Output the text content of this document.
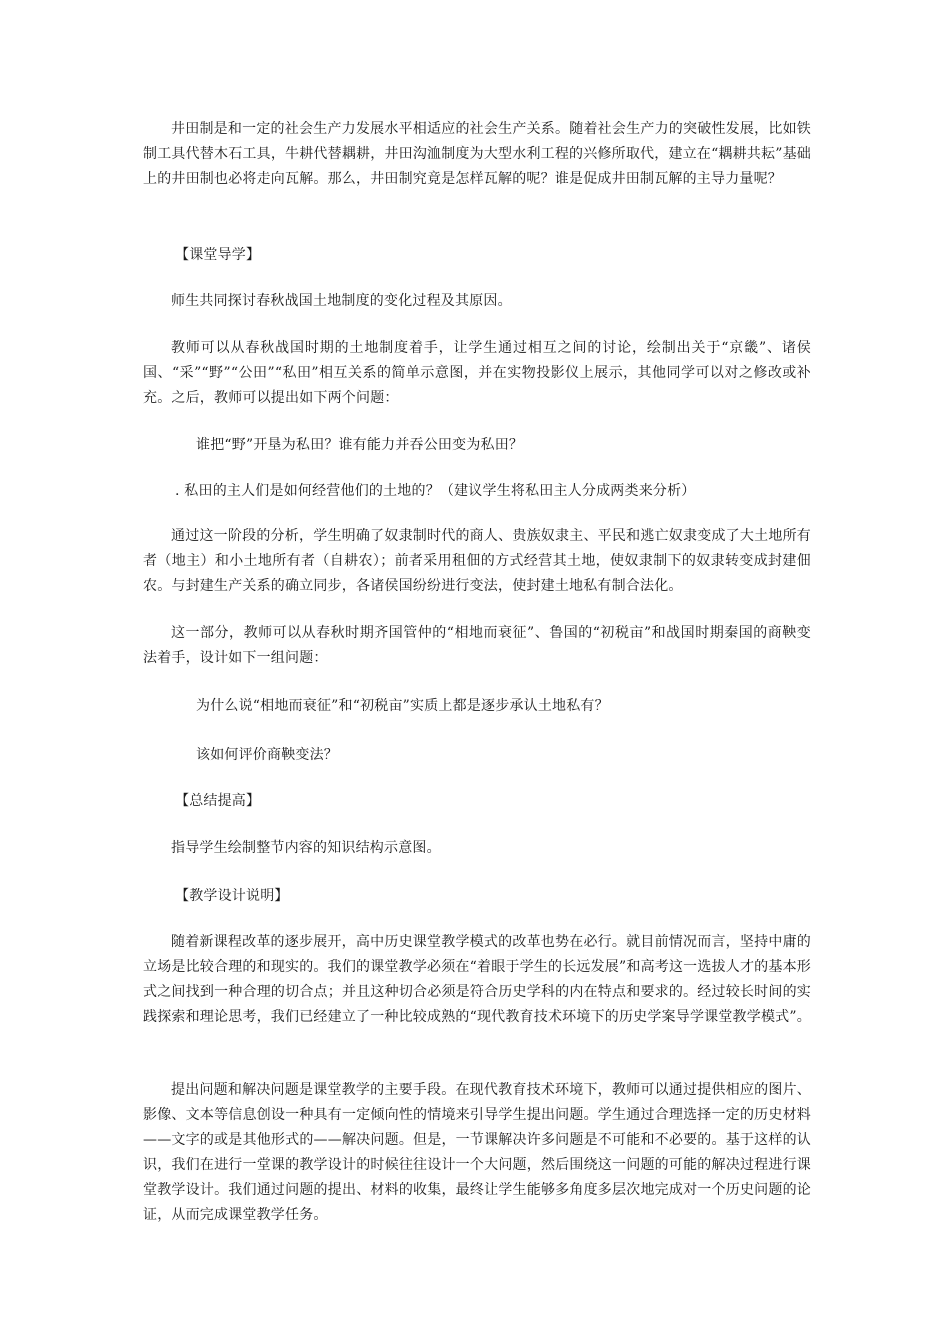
井田制是和一定的社会生产力发展水平相适应的社会生产关系。随着社会生产力的突破性发展，比如铁制工具代替木石工具，牛耕代替耦耕，井田沟洫制度为大型水利工程的兴修所取代，建立在“耦耕共耘”基础上的井田制也必将走向瓦解。那么，井田制究竟是怎样瓦解的呢？谁是促成井田制瓦解的主导力量呢？

【课堂导学】

师生共同探讨春秋战国土地制度的变化过程及其原因。

教师可以从春秋战国时期的土地制度着手，让学生通过相互之间的讨论，绘制出关于“京畿”、诸侯国、“采”“野”“公田”“私田”相互关系的简单示意图，并在实物投影仪上展示，其他同学可以对之修改或补充。之后，教师可以提出如下两个问题：

谁把“野”开垦为私田？谁有能力并吞公田变为私田？

. 私田的主人们是如何经营他们的土地的？（建议学生将私田主人分成两类来分析）

通过这一阶段的分析，学生明确了奴隶制时代的商人、贵族奴隶主、平民和逃亡奴隶变成了大土地所有者（地主）和小土地所有者（自耕农）；前者采用租佃的方式经营其土地，使奴隶制下的奴隶转变成封建佃农。与封建生产关系的确立同步，各诸侯国纷纷进行变法，使封建土地私有制合法化。

这一部分，教师可以从春秋时期齐国管仲的“相地而衰征”、鲁国的“初税亩”和战国时期秦国的商鞅变法着手，设计如下一组问题：

为什么说“相地而衰征”和“初税亩”实质上都是逐步承认土地私有？

该如何评价商鞅变法？

【总结提高】

指导学生绘制整节内容的知识结构示意图。

【教学设计说明】

随着新课程改革的逐步展开，高中历史课堂教学模式的改革也势在必行。就目前情况而言，坚持中庸的立场是比较合理的和现实的。我们的课堂教学必须在“着眼于学生的长远发展”和高考这一选拔人才的基本形式之间找到一种合理的切合点；并且这种切合必须是符合历史学科的内在特点和要求的。经过较长时间的实践探索和理论思考，我们已经建立了一种比较成熟的“现代教育技术环境下的历史学案导学课堂教学模式”。

提出问题和解决问题是课堂教学的主要手段。在现代教育技术环境下，教师可以通过提供相应的图片、影像、文本等信息创设一种具有一定倾向性的情境来引导学生提出问题。学生通过合理选择一定的历史材料——文字的或是其他形式的——解决问题。但是，一节课解决许多问题是不可能和不必要的。基于这样的认识，我们在进行一堂课的教学设计的时候往往设计一个大问题，然后围绕这一问题的可能的解决过程进行课堂教学设计。我们通过问题的提出、材料的收集，最终让学生能够多角度多层次地完成对一个历史问题的论证，从而完成课堂教学任务。
